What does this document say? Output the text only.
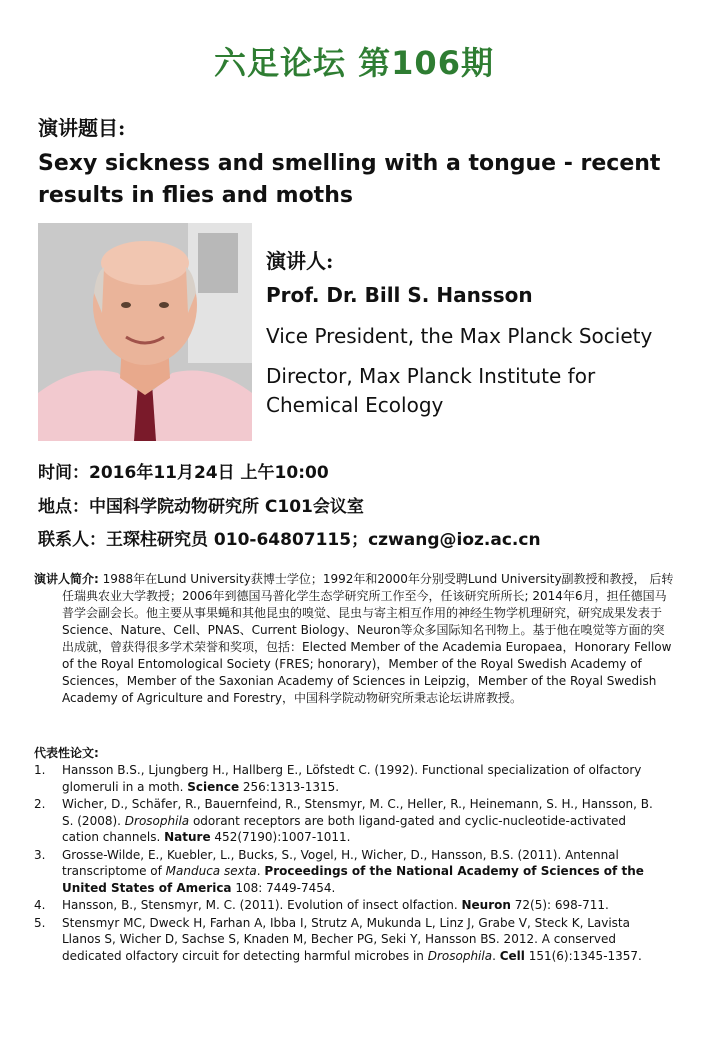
六足论坛 第106期
演讲题目:
Sexy sickness and smelling with a tongue - recent results in flies and moths
演讲人:
Prof. Dr. Bill S. Hansson
Vice President, the Max Planck Society
Director, Max Planck Institute for Chemical Ecology
时间：2016年11月24日 上午10:00
地点：中国科学院动物研究所 C101会议室
联系人：王琛柱研究员 010-64807115；czwang@ioz.ac.cn

演讲人简介: 1988年在Lund University获博士学位；1992年和2000年分别受聘Lund University副教授和教授， 后转任瑞典农业大学教授；2006年到德国马普化学生态学研究所工作至今，任该研究所所长; 2014年6月，担任德国马普学会副会长。他主要从事果蝇和其他昆虫的嗅觉、昆虫与寄主相互作用的神经生物学机理研究，研究成果发表于 Science、Nature、Cell、PNAS、Current Biology、Neuron等众多国际知名刊物上。基于他在嗅觉等方面的突出成就，曾获得很多学术荣誉和奖项，包括：Elected Member of the Academia Europaea，Honorary Fellow of the Royal Entomological Society (FRES; honorary)，Member of the Royal Swedish Academy of Sciences，Member of the Saxonian Academy of Sciences in Leipzig，Member of the Royal Swedish Academy of Agriculture and Forestry，中国科学院动物研究所秉志论坛讲席教授。

代表性论文:
1. Hansson B.S., Ljungberg H., Hallberg E., Löfstedt C. (1992). Functional specialization of olfactory glomeruli in a moth. Science 256:1313-1315.
2. Wicher, D., Schäfer, R., Bauernfeind, R., Stensmyr, M. C., Heller, R., Heinemann, S. H., Hansson, B. S. (2008). Drosophila odorant receptors are both ligand-gated and cyclic-nucleotide-activated cation channels. Nature 452(7190):1007-1011.
3. Grosse-Wilde, E., Kuebler, L., Bucks, S., Vogel, H., Wicher, D., Hansson, B.S. (2011). Antennal transcriptome of Manduca sexta. Proceedings of the National Academy of Sciences of the United States of America 108: 7449-7454.
4. Hansson, B., Stensmyr, M. C. (2011). Evolution of insect olfaction. Neuron 72(5): 698-711.
5. Stensmyr MC, Dweck H, Farhan A, Ibba I, Strutz A, Mukunda L, Linz J, Grabe V, Steck K, Lavista Llanos S, Wicher D, Sachse S, Knaden M, Becher PG, Seki Y, Hansson BS. 2012. A conserved dedicated olfactory circuit for detecting harmful microbes in Drosophila. Cell 151(6):1345-1357.
